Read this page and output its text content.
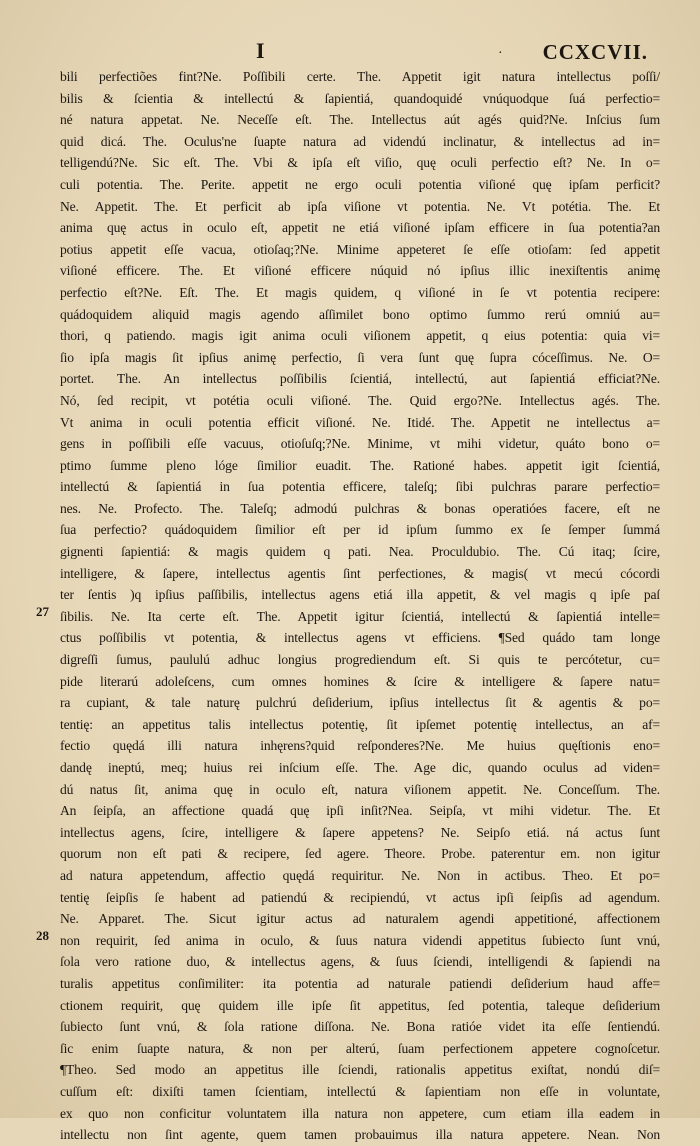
I	· CCXCVII.
27
28
bili perfectiões fint?Ne. Poſſibili certe. The. Appetit igit natura intellectus poſſi/
bilis & ſcientia & intellectú & ſapientiá, quandoquidé vnúquodque ſuá perfectio=
né natura appetat. Ne. Neceſſe eſt. The. Intellectus aút agés quid?Ne. Inſcius ſum
quid dicá. The. Oculus'ne ſuapte natura ad videndú inclinatur, & intellectus ad in=
telligendú?Ne. Sic eſt. The. Vbi & ipſa eſt viſio, quę oculi perfectio eſt? Ne. In o=
culi potentia. The. Perite. appetit ne ergo oculi potentia viſioné quę ipſam perficit?
Ne. Appetit. The. Et perficit ab ipſa viſione vt potentia. Ne. Vt potétia. The. Et
anima quę actus in oculo eſt, appetit ne etiá viſioné ipſam efficere in ſua potentia?an
potius appetit eſſe vacua, otioſaq;?Ne. Minime appeteret ſe eſſe otioſam: ſed appetit
viſioné efficere. The. Et viſioné efficere núquid nó ipſius illic inexiſtentis animę
perfectio eſt?Ne. Eſt. The. Et magis quidem, q viſioné in ſe vt potentia recipere:
quádoquidem aliquid magis agendo aſſimilet bono optimo ſummo rerú omniú au=
thori, q patiendo. magis igit anima oculi viſionem appetit, q eius potentia: quia vi=
ſio ipſa magis ſit ipſius animę perfectio, ſi vera ſunt quę ſupra cóceſſimus. Ne. O=
portet. The. An intellectus poſſibilis ſcientiá, intellectú, aut ſapientiá efficiat?Ne.
Nó, ſed recipit, vt potétia oculi viſioné. The. Quid ergo?Ne. Intellectus agés. The.
Vt anima in oculi potentia efficit viſioné. Ne. Itidé. The. Appetit ne intellectus a=
gens in poſſibili eſſe vacuus, otioſuſq;?Ne. Minime, vt mihi videtur, quáto bono o=
ptimo ſumme pleno lóge ſimilior euadit. The. Rationé habes. appetit igit ſcientiá,
intellectú & ſapientiá in ſua potentia efficere, taleſq; ſibi pulchras parare perfectio=
nes. Ne. Profecto. The. Taleſq; admodú pulchras & bonas operatióes facere, eſt ne
ſua perfectio? quádoquidem ſimilior eſt per id ipſum ſummo ex ſe ſemper ſummá
gignenti ſapientiá: & magis quidem q pati. Nea. Proculdubio. The. Cú itaq; ſcire,
intelligere, & ſapere, intellectus agentis ſint perfectiones, & magis( vt mecú cócordi
ter ſentis )q ipſius paſſibilis, intellectus agens etiá illa appetit, & vel magis q ipſe paſ
ſibilis. Ne. Ita certe eſt. The. Appetit igitur ſcientiá, intellectú & ſapientiá intelle=
ctus poſſibilis vt potentia, & intellectus agens vt efficiens. ¶Sed quádo tam longe
digreſſi ſumus, paululú adhuc longius progrediendum eſt. Si quis te percótetur, cu=
pide literarú adoleſcens, cum omnes homines & ſcire & intelligere & ſapere natu=
ra cupiant, & tale naturę pulchrú deſiderium, ipſius intellectus ſit & agentis & po=
tentię: an appetitus talis intellectus potentię, ſit ipſemet potentię intellectus, an af=
fectio quędá illi natura inhęrens?quid reſponderes?Ne. Me huius quęſtionis eno=
dandę ineptú, meq; huius rei inſcium eſſe. The. Age dic, quando oculus ad viden=
dú natus ſit, anima quę in oculo eſt, natura viſionem appetit. Ne. Conceſſum. The.
An ſeipſa, an affectione quadá quę ipſi inſit?Nea. Seipſa, vt mihi videtur. The. Et
intellectus agens, ſcire, intelligere & ſapere appetens? Ne. Seipſo etiá. ná actus ſunt
quorum non eſt pati & recipere, ſed agere. Theore. Probe. paterentur em. non igitur
ad natura appetendum, affectio quędá requiritur. Ne. Non in actibus. Theo. Et po=
tentię ſeipſis ſe habent ad patiendú & recipiendú, vt actus ipſi ſeipſis ad agendum.
Ne. Apparet. The. Sicut igitur actus ad naturalem agendi appetitioné, affectionem
non requirit, ſed anima in oculo, & ſuus natura videndi appetitus ſubiecto ſunt vnú,
ſola vero ratione duo, & intellectus agens, & ſuus ſciendi, intelligendi & ſapiendi na
turalis appetitus conſimiliter: ita potentia ad naturale patiendi deſiderium haud affe=
ctionem requirit, quę quidem ille ipſe ſit appetitus, ſed potentia, taleque deſiderium
ſubiecto ſunt vnú, & ſola ratione diſſona. Ne. Bona ratióe videt ita eſſe ſentiendú.
ſic enim ſuapte natura, & non per alterú, ſuam perfectionem appetere cognoſcetur.
¶Theo. Sed modo an appetitus ille ſciendi, rationalis appetitus exiſtat, nondú diſ=
cuſſum eſt: dixiſti tamen ſcientiam, intellectú & ſapientiam non eſſe in voluntate,
ex quo non conficitur voluntatem illa natura non appetere, cum etiam illa eadem in
intellectu non ſint agente, quem tamen probauimus illa natura appetere. Nean. Non
